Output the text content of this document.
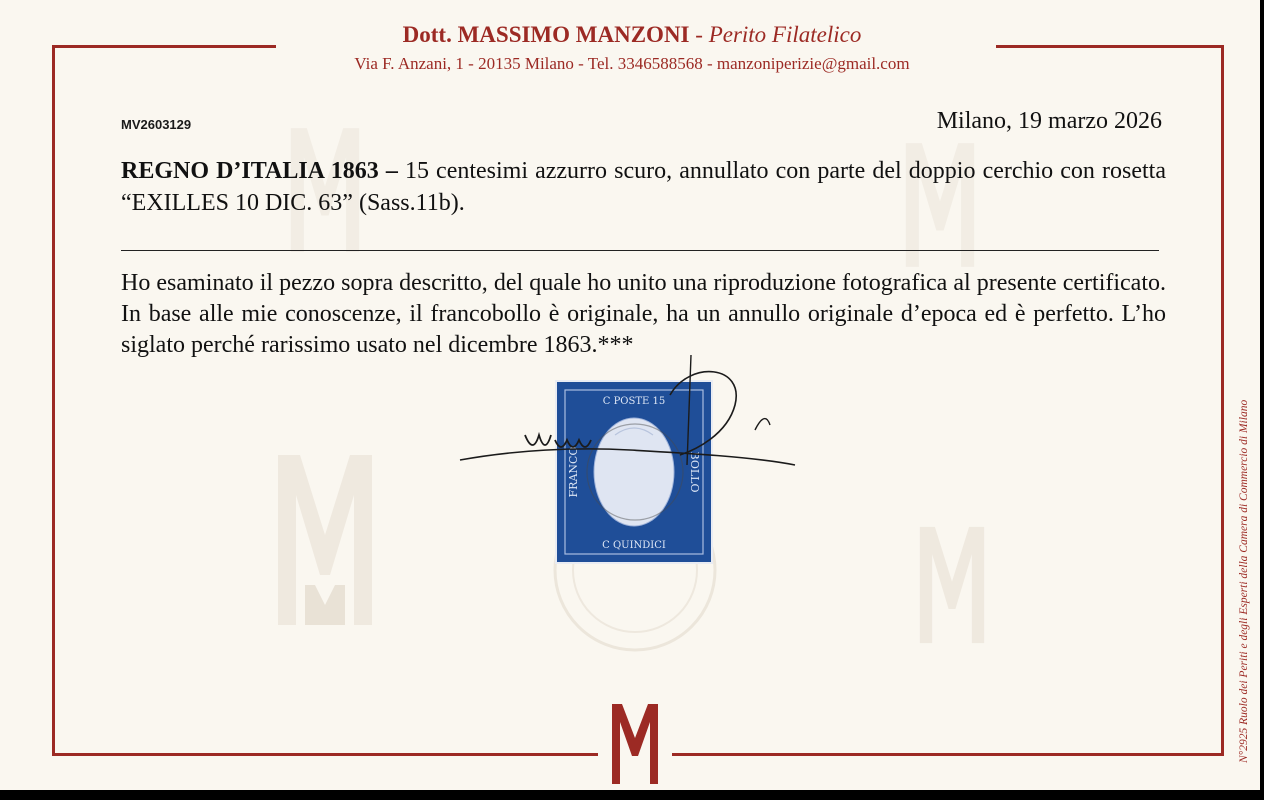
Dott. MASSIMO MANZONI - Perito Filatelico
Via F. Anzani, 1 - 20135 Milano - Tel. 3346588568 - manzoniperizie@gmail.com
MV2603129	Milano, 19 marzo 2026
REGNO D’ITALIA 1863 – 15 centesimi azzurro scuro, annullato con parte del doppio cerchio con rosetta “EXILLES 10 DIC. 63” (Sass.11b).
Ho esaminato il pezzo sopra descritto, del quale ho unito una riproduzione fotografica al presente certificato. In base alle mie conoscenze, il francobollo è originale, ha un annullo originale d’epoca ed è perfetto. L’ho siglato perché rarissimo usato nel dicembre 1863.***
C POSTE 15
C QUINDICI
FRANCO	BOLLO	N°2925 Ruolo dei Periti e degli Esperti della Camera di Commercio di Milano
